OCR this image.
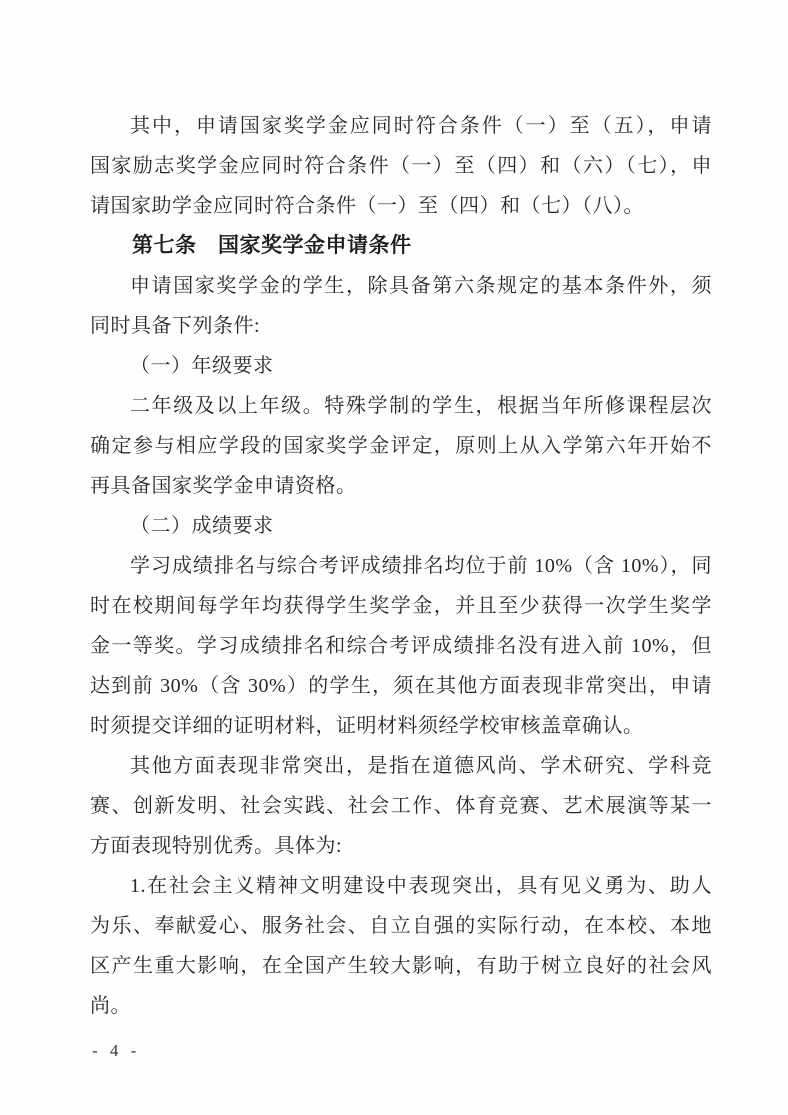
其中，申请国家奖学金应同时符合条件（一）至（五），申请
国家励志奖学金应同时符合条件（一）至（四）和（六）（七），申
请国家助学金应同时符合条件（一）至（四）和（七）（八）。
第七条　国家奖学金申请条件
申请国家奖学金的学生，除具备第六条规定的基本条件外，须
同时具备下列条件:
（一）年级要求
二年级及以上年级。特殊学制的学生，根据当年所修课程层次
确定参与相应学段的国家奖学金评定，原则上从入学第六年开始不
再具备国家奖学金申请资格。
（二）成绩要求
学习成绩排名与综合考评成绩排名均位于前 10%（含 10%），同
时在校期间每学年均获得学生奖学金，并且至少获得一次学生奖学
金一等奖。学习成绩排名和综合考评成绩排名没有进入前 10%，但
达到前 30%（含 30%）的学生，须在其他方面表现非常突出，申请
时须提交详细的证明材料，证明材料须经学校审核盖章确认。
其他方面表现非常突出，是指在道德风尚、学术研究、学科竞
赛、创新发明、社会实践、社会工作、体育竞赛、艺术展演等某一
方面表现特别优秀。具体为:
1.在社会主义精神文明建设中表现突出，具有见义勇为、助人
为乐、奉献爱心、服务社会、自立自强的实际行动，在本校、本地
区产生重大影响，在全国产生较大影响，有助于树立良好的社会风
尚。
- 4 -
